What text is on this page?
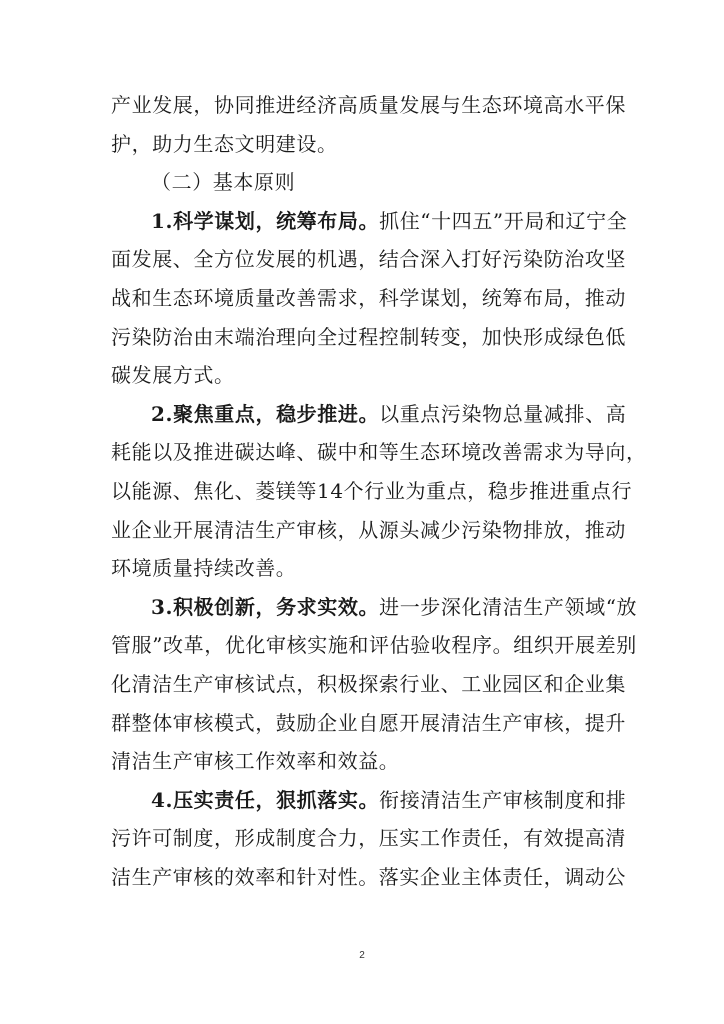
产业发展，协同推进经济高质量发展与生态环境高水平保
护，助力生态文明建设。
（二）基本原则
1.科学谋划，统筹布局。抓住“十四五”开局和辽宁全
面发展、全方位发展的机遇，结合深入打好污染防治攻坚
战和生态环境质量改善需求，科学谋划，统筹布局，推动
污染防治由末端治理向全过程控制转变，加快形成绿色低
碳发展方式。
2.聚焦重点，稳步推进。以重点污染物总量减排、高
耗能以及推进碳达峰、碳中和等生态环境改善需求为导向，
以能源、焦化、菱镁等14个行业为重点，稳步推进重点行
业企业开展清洁生产审核，从源头减少污染物排放，推动
环境质量持续改善。
3.积极创新，务求实效。进一步深化清洁生产领域“放
管服”改革，优化审核实施和评估验收程序。组织开展差别
化清洁生产审核试点，积极探索行业、工业园区和企业集
群整体审核模式，鼓励企业自愿开展清洁生产审核，提升
清洁生产审核工作效率和效益。
4.压实责任，狠抓落实。衔接清洁生产审核制度和排
污许可制度，形成制度合力，压实工作责任，有效提高清
洁生产审核的效率和针对性。落实企业主体责任，调动公
2
